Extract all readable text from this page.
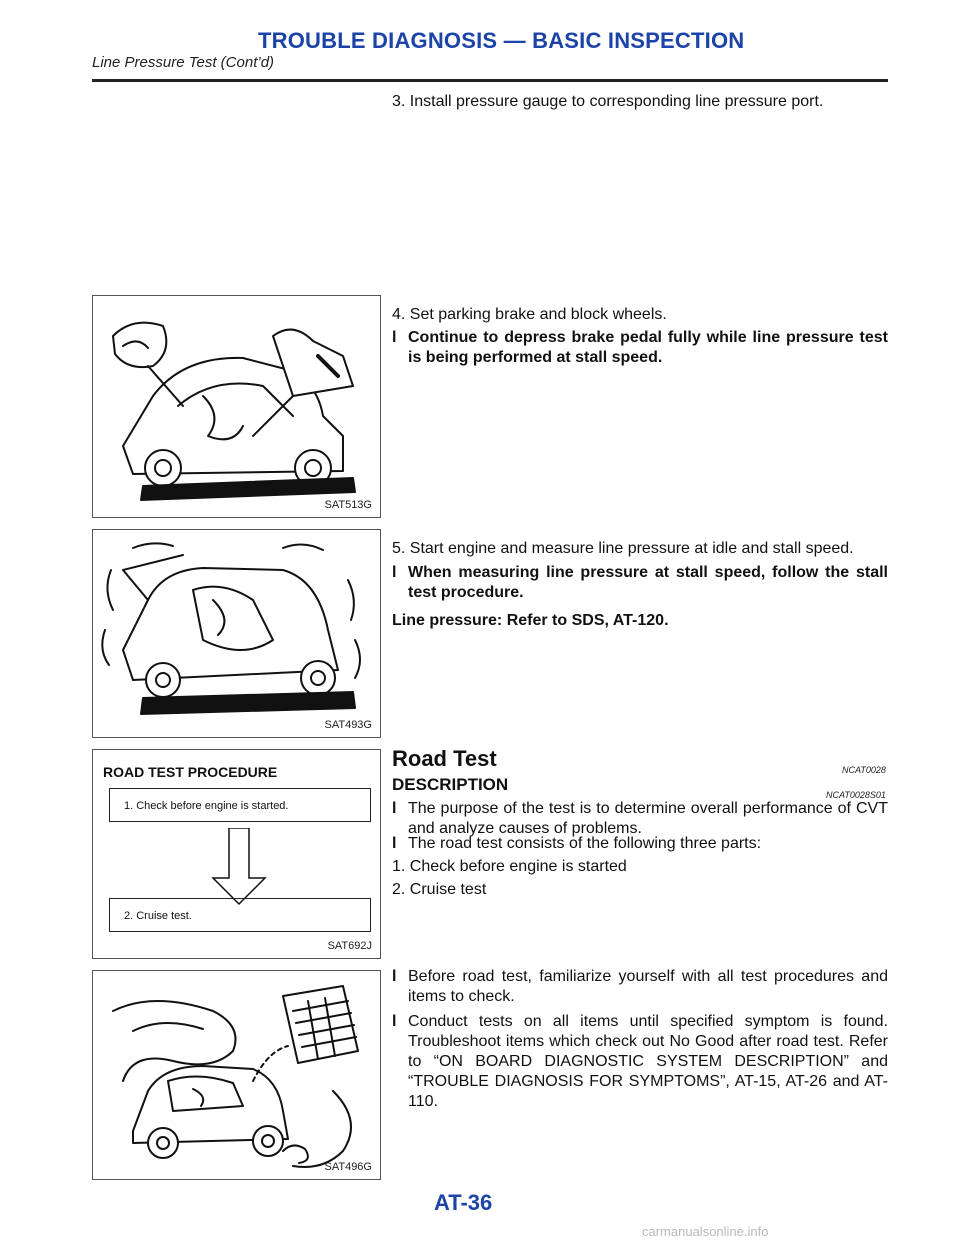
TROUBLE DIAGNOSIS — BASIC INSPECTION
Line Pressure Test (Cont’d)
3. Install pressure gauge to corresponding line pressure port.
SAT513G
4. Set parking brake and block wheels.
l Continue to depress brake pedal fully while line pressure test is being performed at stall speed.
SAT493G
5. Start engine and measure line pressure at idle and stall speed.
l When measuring line pressure at stall speed, follow the stall test procedure.
Line pressure: Refer to SDS, AT-120.
ROAD TEST PROCEDURE
1. Check before engine is started.
2. Cruise test.
SAT692J
Road Test	NCAT0028
DESCRIPTION
NCAT0028S01
l The purpose of the test is to determine overall performance of CVT and analyze causes of problems.
l The road test consists of the following three parts:
1. Check before engine is started
2. Cruise test
SAT496G
l Before road test, familiarize yourself with all test procedures and items to check.
l Conduct tests on all items until specified symptom is found. Troubleshoot items which check out No Good after road test. Refer to “ON BOARD DIAGNOSTIC SYSTEM DESCRIPTION” and “TROUBLE DIAGNOSIS FOR SYMPTOMS”, AT-15, AT-26 and AT-110.
AT-36
carmanualsonline.info
